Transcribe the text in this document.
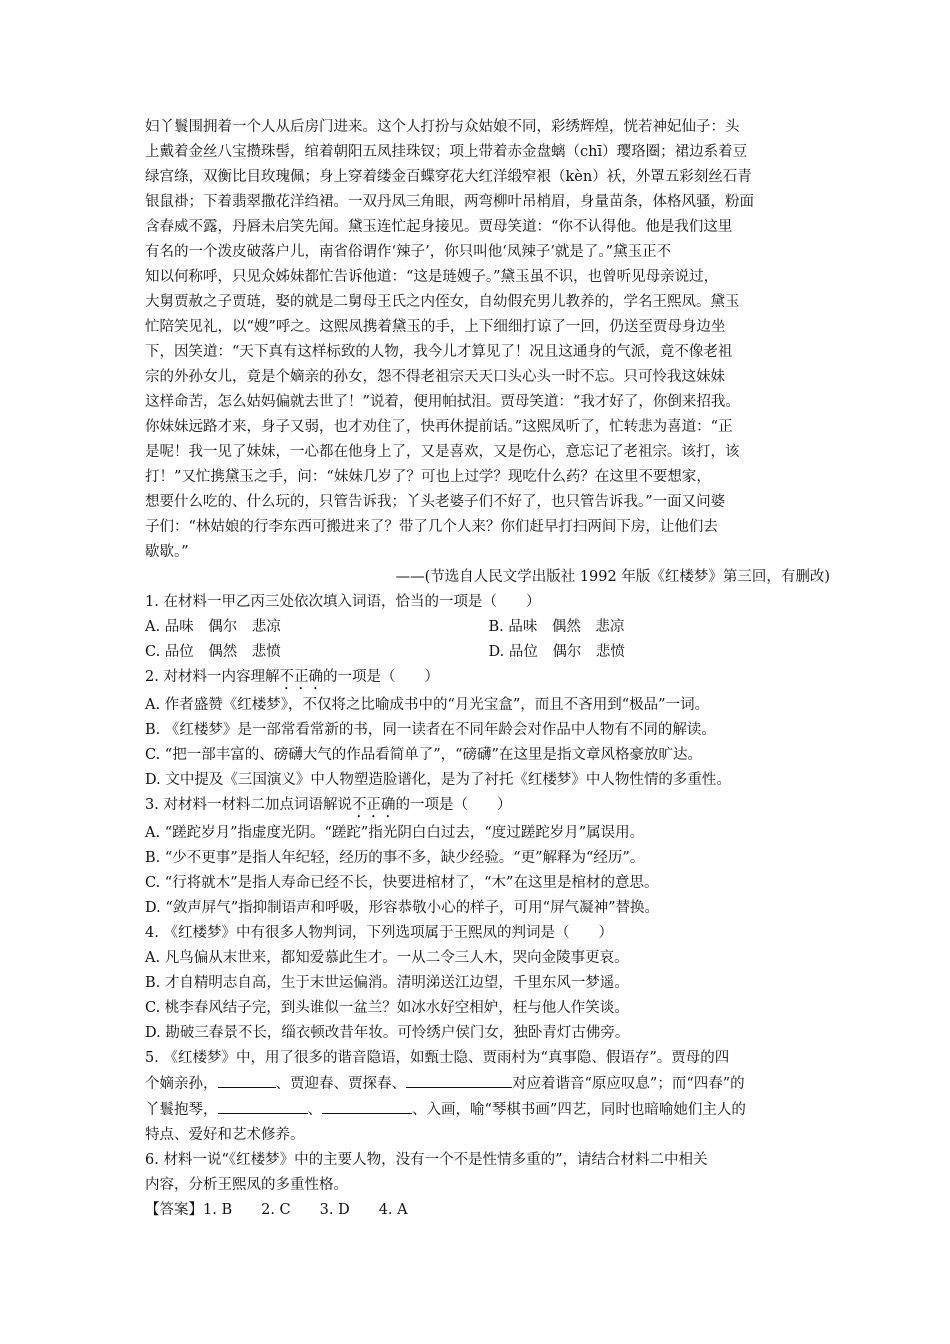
妇丫鬟围拥着一个人从后房门进来。这个人打扮与众姑娘不同，彩绣辉煌，恍若神妃仙子：头
上戴着金丝八宝攒珠髻，绾着朝阳五凤挂珠钗；项上带着赤金盘螭（chī）璎珞圈；裙边系着豆
绿宫绦，双衡比目玫瑰佩；身上穿着缕金百蝶穿花大红洋缎窄裉（kèn）袄，外罩五彩刻丝石青
银鼠褂；下着翡翠撒花洋绉裙。一双丹凤三角眼，两弯柳叶吊梢眉，身量苗条，体格风骚，粉面
含春威不露，丹唇未启笑先闻。黛玉连忙起身接见。贾母笑道：“你不认得他。他是我们这里
有名的一个泼皮破落户儿，南省俗谓作‘辣子’，你只叫他‘凤辣子’就是了。”黛玉正不
知以何称呼，只见众姊妹都忙告诉他道：“这是琏嫂子。”黛玉虽不识，也曾听见母亲说过，
大舅贾赦之子贾琏，娶的就是二舅母王氏之内侄女，自幼假充男儿教养的，学名王熙凤。黛玉
忙陪笑见礼，以“嫂”呼之。这熙凤携着黛玉的手，上下细细打谅了一回，仍送至贾母身边坐
下，因笑道：“天下真有这样标致的人物，我今儿才算见了！况且这通身的气派，竟不像老祖
宗的外孙女儿，竟是个嫡亲的孙女，怨不得老祖宗天天口头心头一时不忘。只可怜我这妹妹
这样命苦，怎么姑妈偏就去世了！”说着，便用帕拭泪。贾母笑道：“我才好了，你倒来招我。
你妹妹远路才来，身子又弱，也才劝住了，快再休提前话。”这熙凤听了，忙转悲为喜道：“正
是呢！我一见了妹妹，一心都在他身上了，又是喜欢，又是伤心，意忘记了老祖宗。该打，该
打！”又忙携黛玉之手，问：“妹妹几岁了？可也上过学？现吃什么药？在这里不要想家，
想要什么吃的、什么玩的，只管告诉我；丫头老婆子们不好了，也只管告诉我。”一面又问婆
子们：“林姑娘的行李东西可搬进来了？带了几个人来？你们赶早打扫两间下房，让他们去
歇歇。”

——(节选自人民文学出版社 1992 年版《红楼梦》第三回，有删改)

1. 在材料一甲乙丙三处依次填入词语，恰当的一项是（　　）

A. 品味　偶尔　悲凉	B. 品味　偶然　悲凉
C. 品位　偶然　悲愤	D. 品位　偶尔　悲愤

2. 对材料一内容理解不正确的一项是（　　）

A. 作者盛赞《红楼梦》，不仅将之比喻成书中的“月光宝盒”，而且不吝用到“极品”一词。

B. 《红楼梦》是一部常看常新的书，同一读者在不同年龄会对作品中人物有不同的解读。

C. “把一部丰富的、磅礴大气的作品看简单了”，“磅礴”在这里是指文章风格豪放旷达。

D. 文中提及《三国演义》中人物塑造脸谱化，是为了衬托《红楼梦》中人物性情的多重性。

3. 对材料一材料二加点词语解说不正确的一项是（　　）

A. “蹉跎岁月”指虚度光阴。“蹉跎”指光阴白白过去，“度过蹉跎岁月”属误用。

B. “少不更事”是指人年纪轻，经历的事不多，缺少经验。“更”解释为“经历”。

C. “行将就木”是指人寿命已经不长，快要进棺材了，“木”在这里是棺材的意思。

D. “敛声屏气”指抑制语声和呼吸，形容恭敬小心的样子，可用“屏气凝神”替换。

4. 《红楼梦》中有很多人物判词，下列选项属于王熙凤的判词是（　　）

A. 凡鸟偏从末世来，都知爱慕此生才。一从二令三人木，哭向金陵事更哀。

B. 才自精明志自高，生于末世运偏消。清明涕送江边望，千里东风一梦遥。

C. 桃李春风结子完，到头谁似一盆兰？如冰水好空相妒，枉与他人作笑谈。

D. 勘破三春景不长，缁衣顿改昔年妆。可怜绣户侯门女，独卧青灯古佛旁。

5. 《红楼梦》中，用了很多的谐音隐语，如甄士隐、贾雨村为“真事隐、假语存”。贾母的四

个嫡亲孙，	、贾迎春、贾探春、	对应着谐音“原应叹息”；而“四春”的

丫鬟抱琴，	、	、入画，喻“琴棋书画”四艺，同时也暗喻她们主人的

特点、爱好和艺术修养。

6. 材料一说“《红楼梦》中的主要人物，没有一个不是性情多重的”，请结合材料二中相关

内容，分析王熙凤的多重性格。

【答案】1. B　　2. C　　3. D　　4. A
